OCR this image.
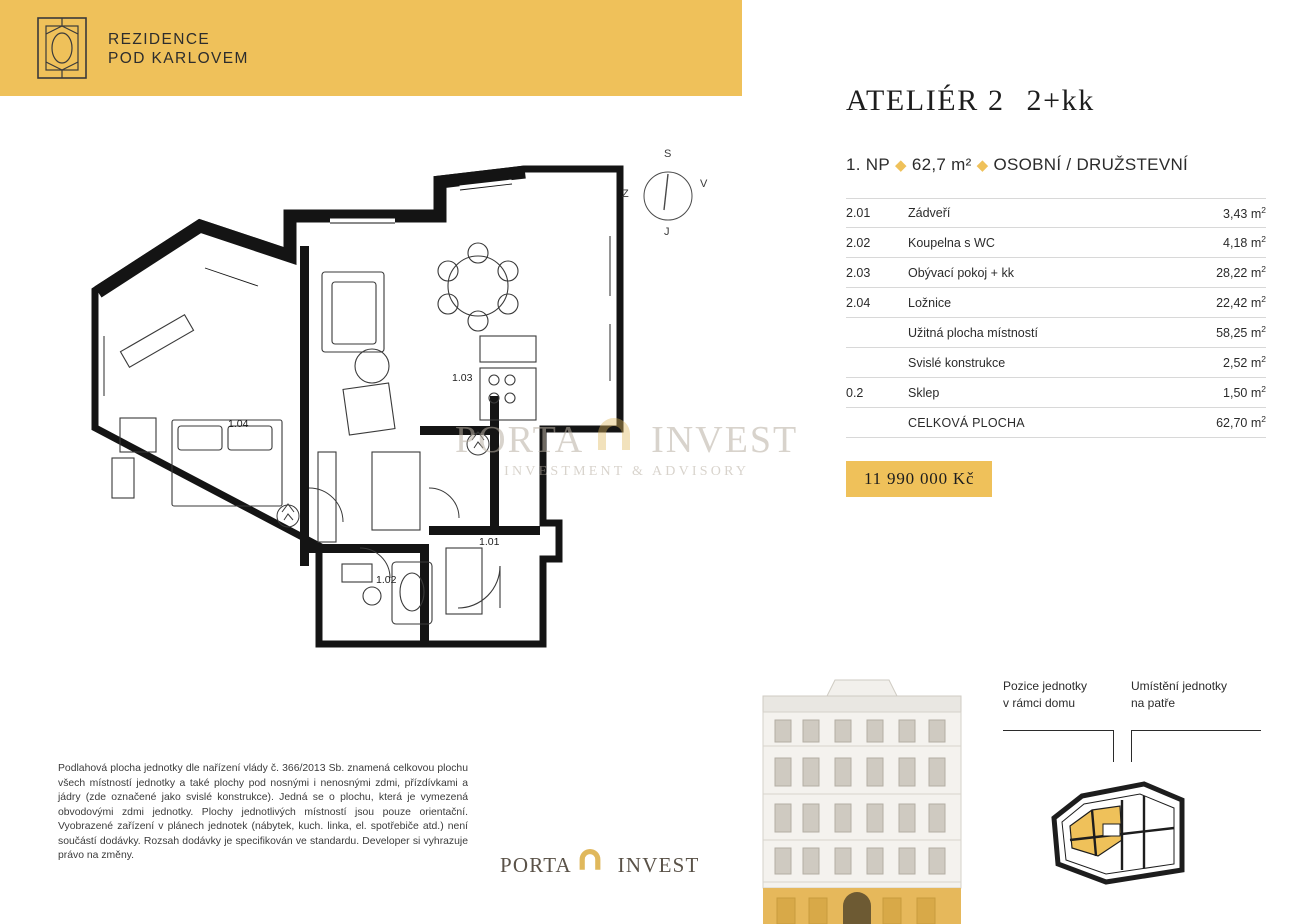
REZIDENCE
POD KARLOVEM
ATELIÉR 2 2+kk
1. NP ◆ 62,7 m² ◆ OSOBNÍ / DRUŽSTEVNÍ
2.01	Zádveří	3,43 $m^2$
2.02	Koupelna s WC	4,18 $m^2$
2.03	Obývací pokoj + kk	28,22 $m^2$
2.04	Ložnice	22,42 $m^2$
Užitná plocha místností	58,25 $m^2$
Svislé konstrukce	2,52 $m^2$
0.2	Sklep	1,50 $m^2$
CELKOVÁ PLOCHA	62,70 $m^2$
11 990 000 Kč
1.03
1.04
1.01
1.02
S
V
J
Z
PORTA INVEST
INVESTMENT & ADVISORY
Podlahová plocha jednotky dle nařízení vlády č. 366/2013 Sb. znamená celkovou plochu všech místností jednotky a také plochy pod nosnými i nenosnými zdmi, přízdívkami a jádry (zde označené jako svislé konstrukce). Jedná se o plochu, která je vymezená obvodovými zdmi jednotky. Plochy jednotlivých místností jsou pouze orientační. Vyobrazené zařízení v plánech jednotek (nábytek, kuch. linka, el. spotřebiče atd.) není součástí dodávky. Rozsah dodávky je specifikován ve standardu. Developer si vyhrazuje právo na změny.	PORTA INVEST
Pozice jednotky
v rámci domu
Umístění jednotky
na patře
